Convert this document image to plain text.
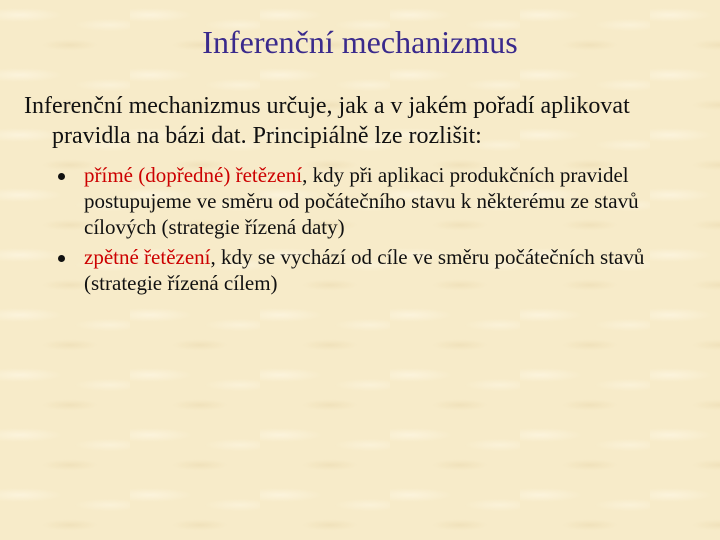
Inferenční mechanizmus

Inferenční mechanizmus určuje, jak a v jakém pořadí aplikovat pravidla na bázi dat. Principiálně lze rozlišit:

přímé (dopředné) řetězení, kdy při aplikaci produkčních pravidel postupujeme ve směru od počátečního stavu k některému ze stavů cílových (strategie řízená daty)
zpětné řetězení, kdy se vychází od cíle ve směru počátečních stavů (strategie řízená cílem)
